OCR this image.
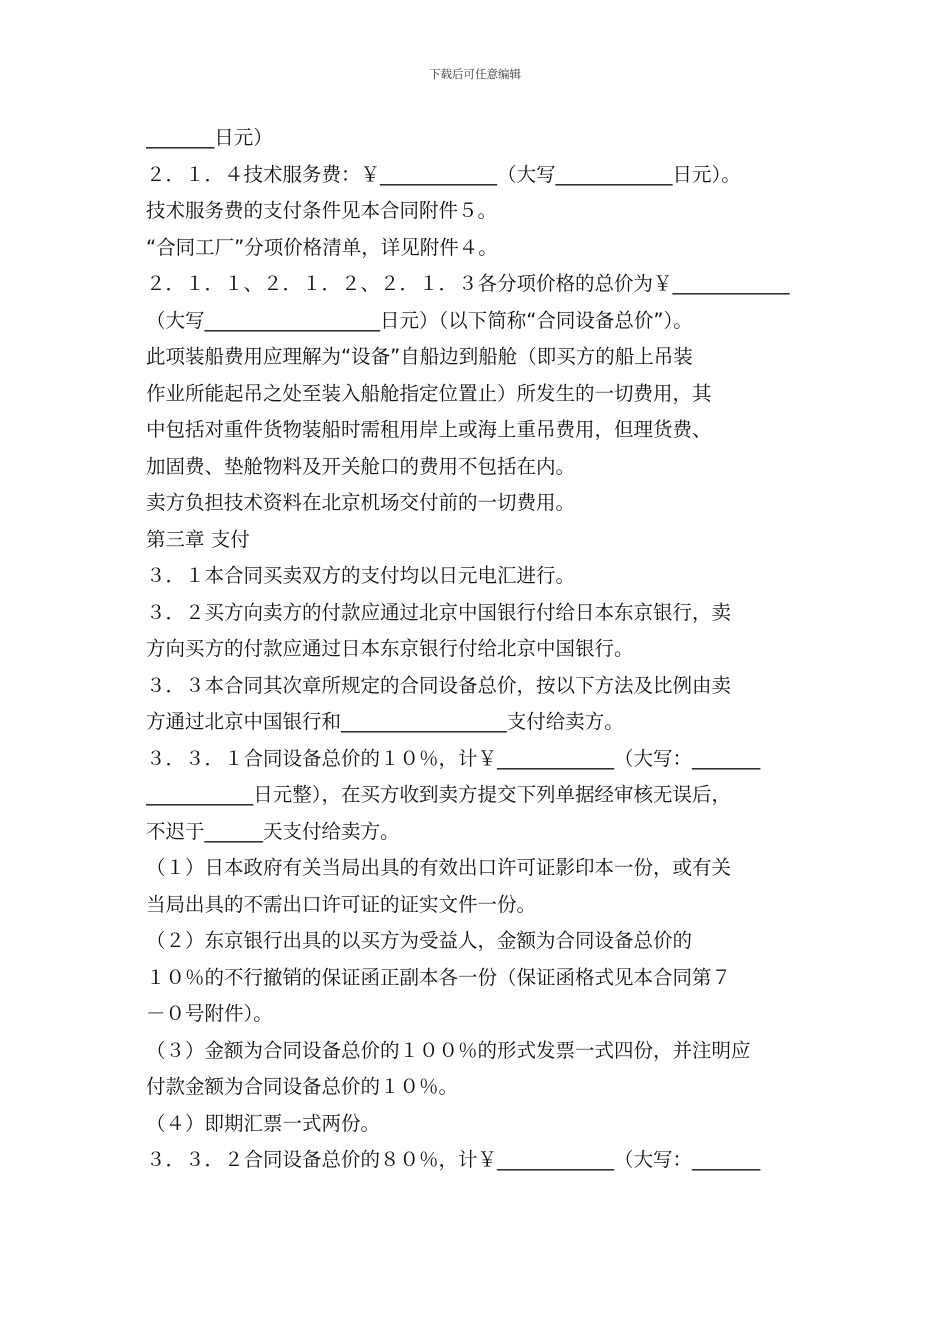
下载后可任意编辑
_______日元）
２．１．４技术服务费：￥____________（大写____________日元）。
技术服务费的支付条件见本合同附件５。
“合同工厂”分项价格清单，详见附件４。
２．１．１、２．１．２、２．１．３各分项价格的总价为￥____________
（大写__________________日元）（以下简称“合同设备总价”）。
此项装船费用应理解为“设备”自船边到船舱（即买方的船上吊装
作业所能起吊之处至装入船舱指定位置止）所发生的一切费用，其
中包括对重件货物装船时需租用岸上或海上重吊费用，但理货费、
加固费、垫舱物料及开关舱口的费用不包括在内。
卖方负担技术资料在北京机场交付前的一切费用。
第三章 支付
３．１本合同买卖双方的支付均以日元电汇进行。
３．２买方向卖方的付款应通过北京中国银行付给日本东京银行，卖
方向买方的付款应通过日本东京银行付给北京中国银行。
３．３本合同其次章所规定的合同设备总价，按以下方法及比例由卖
方通过北京中国银行和_________________支付给卖方。
３．３．１合同设备总价的１０％，计￥____________（大写：_______
___________日元整），在买方收到卖方提交下列单据经审核无误后，
不迟于______天支付给卖方。
（１）日本政府有关当局出具的有效出口许可证影印本一份，或有关
当局出具的不需出口许可证的证实文件一份。
（２）东京银行出具的以买方为受益人，金额为合同设备总价的
１０％的不行撤销的保证函正副本各一份（保证函格式见本合同第７
－０号附件）。
（３）金额为合同设备总价的１００％的形式发票一式四份，并注明应
付款金额为合同设备总价的１０％。
（４）即期汇票一式两份。
３．３．２合同设备总价的８０％，计￥____________（大写：_______
